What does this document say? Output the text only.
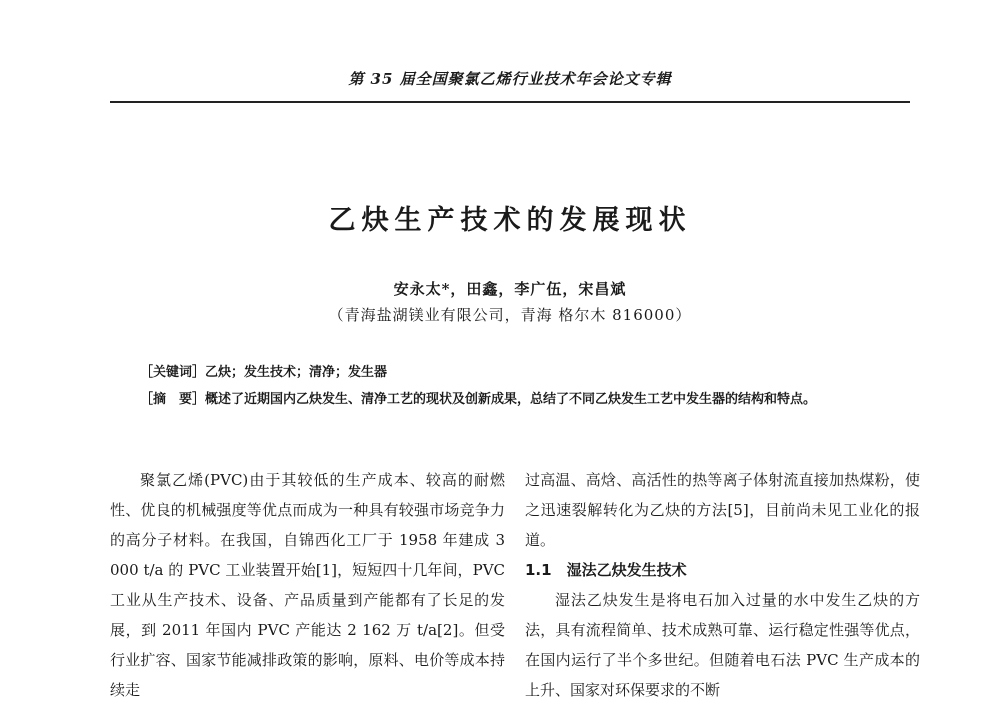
第 35 届全国聚氯乙烯行业技术年会论文专辑
乙炔生产技术的发展现状
安永太*，田鑫，李广伍，宋昌斌
（青海盐湖镁业有限公司，青海 格尔木 816000）
［关键词］乙炔；发生技术；清净；发生器
［摘　要］概述了近期国内乙炔发生、清净工艺的现状及创新成果，总结了不同乙炔发生工艺中发生器的结构和特点。

聚氯乙烯(PVC)由于其较低的生产成本、较高的耐燃性、优良的机械强度等优点而成为一种具有较强市场竞争力的高分子材料。在我国，自锦西化工厂于 1958 年建成 3 000 t/a 的 PVC 工业装置开始[1]，短短四十几年间，PVC 工业从生产技术、设备、产品质量到产能都有了长足的发展，到 2011 年国内 PVC 产能达 2 162 万 t/a[2]。但受行业扩容、国家节能减排政策的影响，原料、电价等成本持续走

过高温、高焓、高活性的热等离子体射流直接加热煤粉，使之迅速裂解转化为乙炔的方法[5]，目前尚未见工业化的报道。

1.1　湿法乙炔发生技术

湿法乙炔发生是将电石加入过量的水中发生乙炔的方法，具有流程简单、技术成熟可靠、运行稳定性强等优点，在国内运行了半个多世纪。但随着电石法 PVC 生产成本的上升、国家对环保要求的不断
